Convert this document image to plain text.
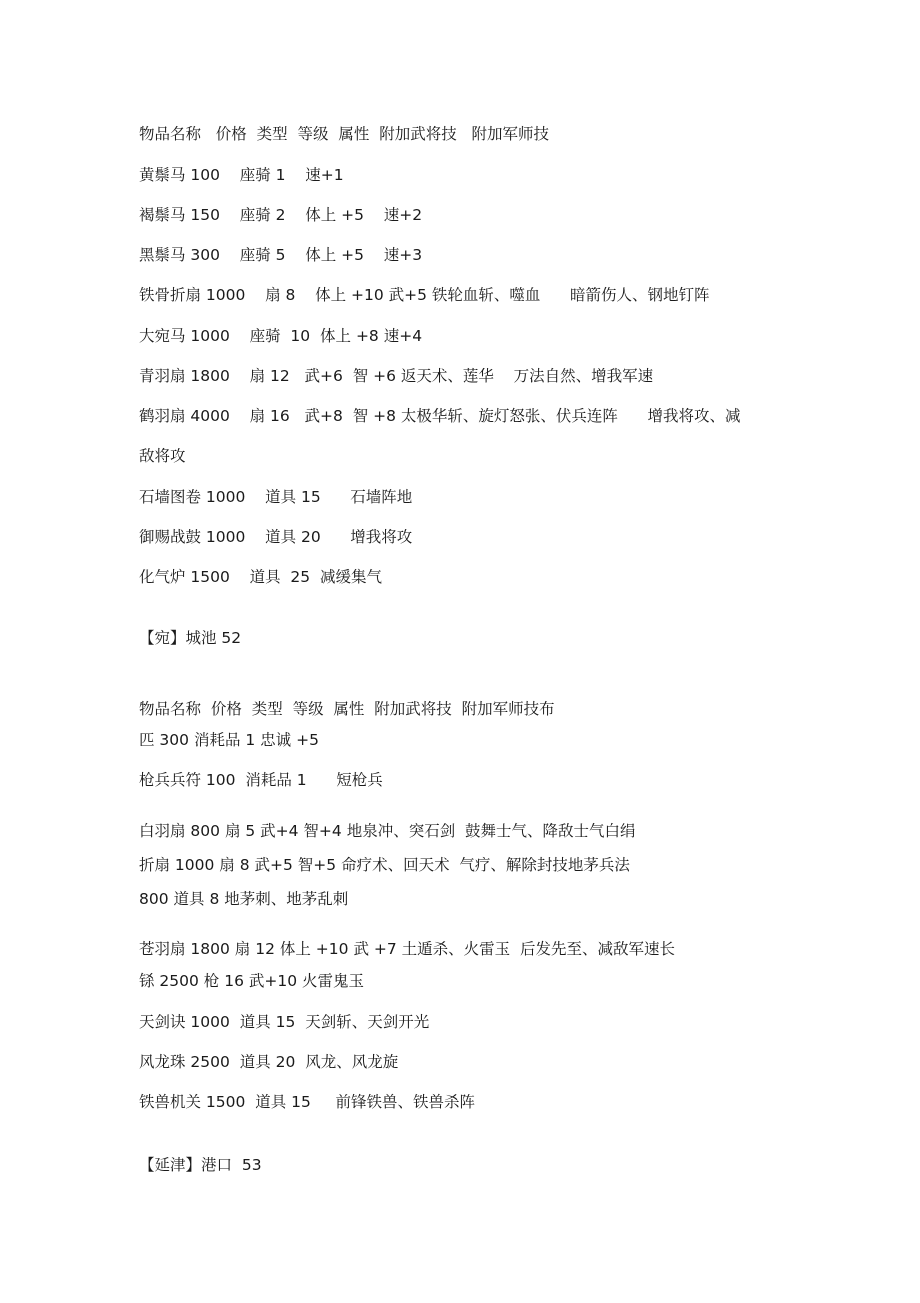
物品名称   价格  类型  等级  属性  附加武将技   附加军师技

黄鬃马 100    座骑 1    速+1

褐鬃马 150    座骑 2    体上 +5    速+2

黑鬃马 300    座骑 5    体上 +5    速+3

铁骨折扇 1000    扇 8    体上 +10 武+5 铁轮血斩、噬血      暗箭伤人、钢地钉阵

大宛马 1000    座骑  10  体上 +8 速+4

青羽扇 1800    扇 12   武+6  智 +6 返天术、莲华    万法自然、增我军速

鹤羽扇 4000    扇 16   武+8  智 +8 太极华斩、旋灯怒张、伏兵连阵      增我将攻、减

敌将攻

石墙图卷 1000    道具 15      石墙阵地

御赐战鼓 1000    道具 20      增我将攻

化气炉 1500    道具  25  减缓集气

【宛】城池 52

物品名称  价格  类型  等级  属性  附加武将技  附加军师技布

匹 300 消耗品 1 忠诚 +5

枪兵兵符 100  消耗品 1      短枪兵

白羽扇 800 扇 5 武+4 智+4 地泉冲、突石剑  鼓舞士气、降敌士气白绢

折扇 1000 扇 8 武+5 智+5 命疗术、回天术  气疗、解除封技地茅兵法

800 道具 8 地茅刺、地茅乱刺

苍羽扇 1800 扇 12 体上 +10 武 +7 土遁杀、火雷玉  后发先至、减敌军速长

铩 2500 枪 16 武+10 火雷鬼玉

天剑诀 1000  道具 15  天剑斩、天剑开光

风龙珠 2500  道具 20  风龙、风龙旋

铁兽机关 1500  道具 15     前锋铁兽、铁兽杀阵

【延津】港口  53
